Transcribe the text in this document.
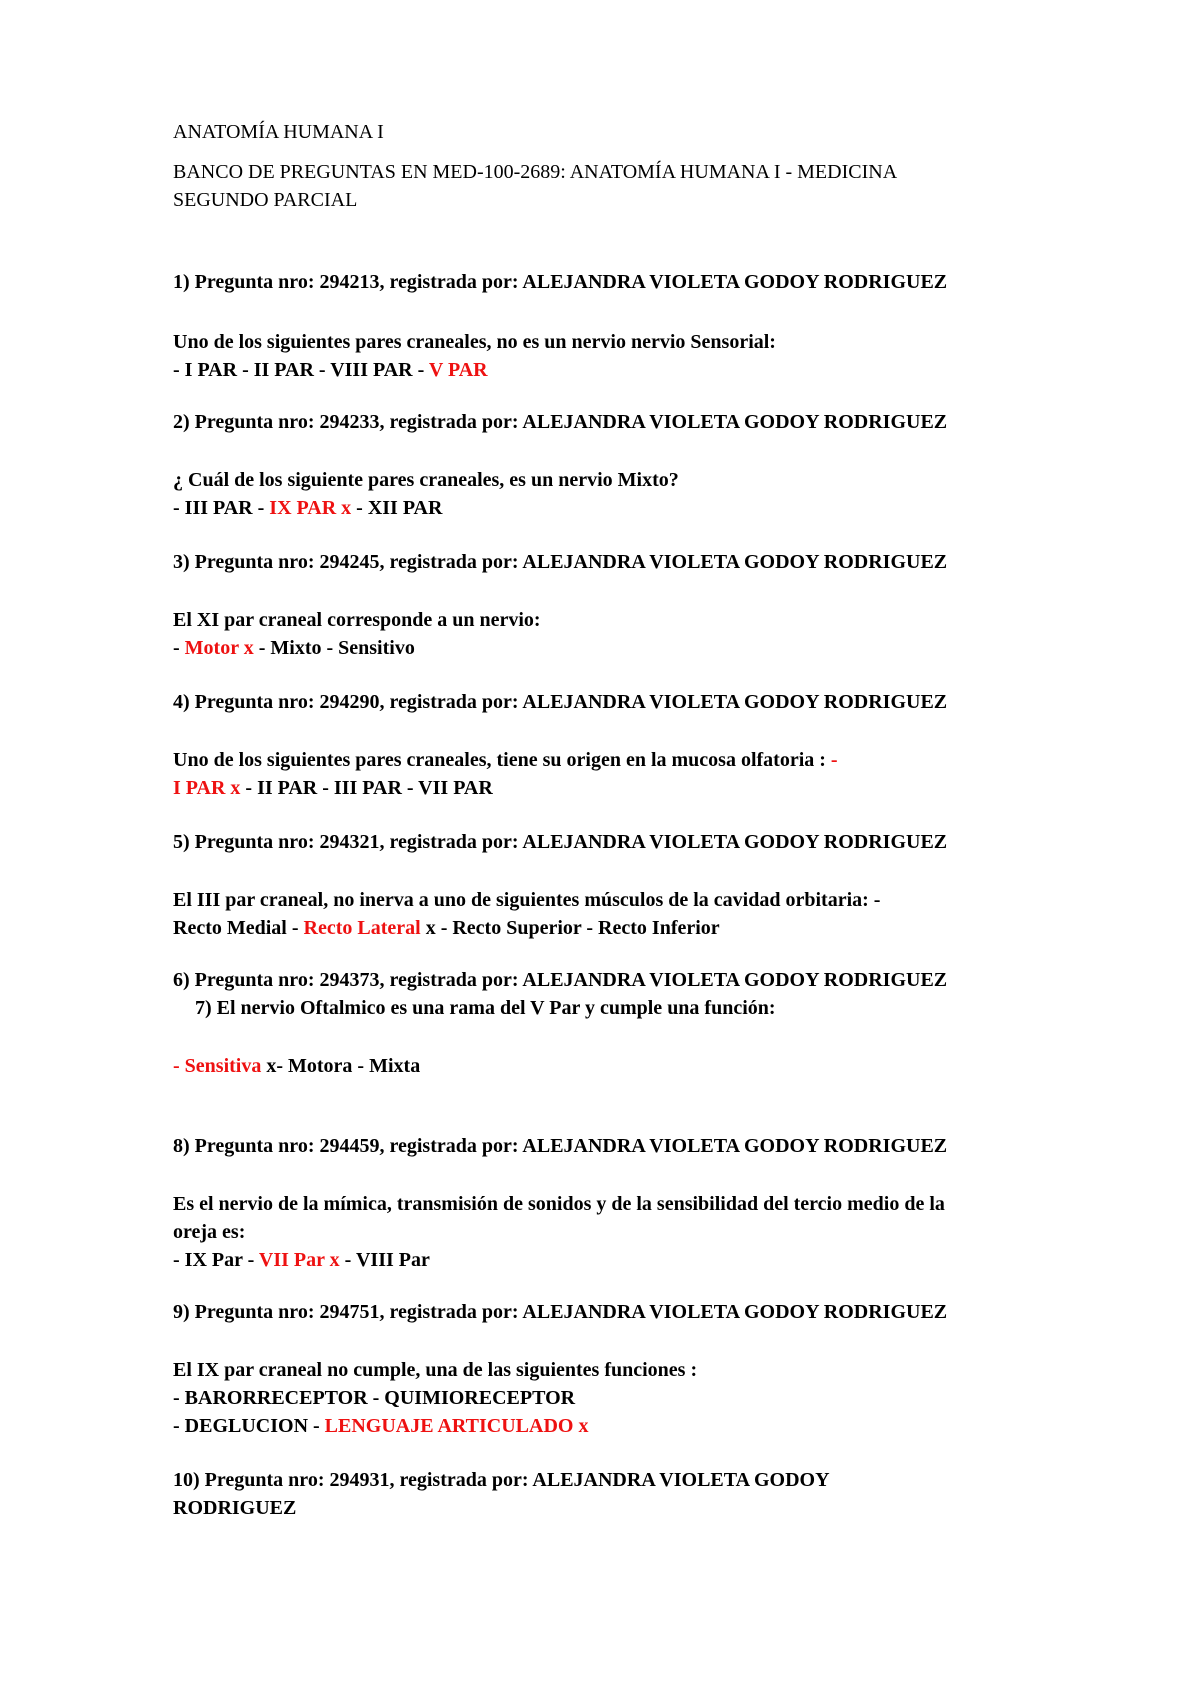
ANATOMÍA HUMANA I
BANCO DE PREGUNTAS EN MED-100-2689: ANATOMÍA HUMANA I - MEDICINA
SEGUNDO PARCIAL
1) Pregunta nro: 294213, registrada por: ALEJANDRA VIOLETA GODOY RODRIGUEZ
Uno de los siguientes pares craneales, no es un nervio nervio Sensorial:
- I PAR - II PAR - VIII PAR - V PAR
2) Pregunta nro: 294233, registrada por: ALEJANDRA VIOLETA GODOY RODRIGUEZ
¿ Cuál de los siguiente pares craneales, es un nervio Mixto?
- III PAR - IX PAR x - XII PAR
3) Pregunta nro: 294245, registrada por: ALEJANDRA VIOLETA GODOY RODRIGUEZ
El XI par craneal corresponde a un nervio:
- Motor x - Mixto - Sensitivo
4) Pregunta nro: 294290, registrada por: ALEJANDRA VIOLETA GODOY RODRIGUEZ
Uno de los siguientes pares craneales, tiene su origen en la mucosa olfatoria : -
I PAR x - II PAR - III PAR - VII PAR
5) Pregunta nro: 294321, registrada por: ALEJANDRA VIOLETA GODOY RODRIGUEZ
El III par craneal, no inerva a uno de siguientes músculos de la cavidad orbitaria: -
Recto Medial - Recto Lateral x - Recto Superior - Recto Inferior
6) Pregunta nro: 294373, registrada por: ALEJANDRA VIOLETA GODOY RODRIGUEZ
7) El nervio Oftalmico es una rama del V Par y cumple una función:
- Sensitiva x- Motora - Mixta
8) Pregunta nro: 294459, registrada por: ALEJANDRA VIOLETA GODOY RODRIGUEZ
Es el nervio de la mímica, transmisión de sonidos y de la sensibilidad del tercio medio de la
oreja es:
- IX Par - VII Par x - VIII Par
9) Pregunta nro: 294751, registrada por: ALEJANDRA VIOLETA GODOY RODRIGUEZ
El IX par craneal no cumple, una de las siguientes funciones :
- BARORRECEPTOR - QUIMIORECEPTOR
- DEGLUCION - LENGUAJE ARTICULADO x
10) Pregunta nro: 294931, registrada por: ALEJANDRA VIOLETA GODOY
RODRIGUEZ
